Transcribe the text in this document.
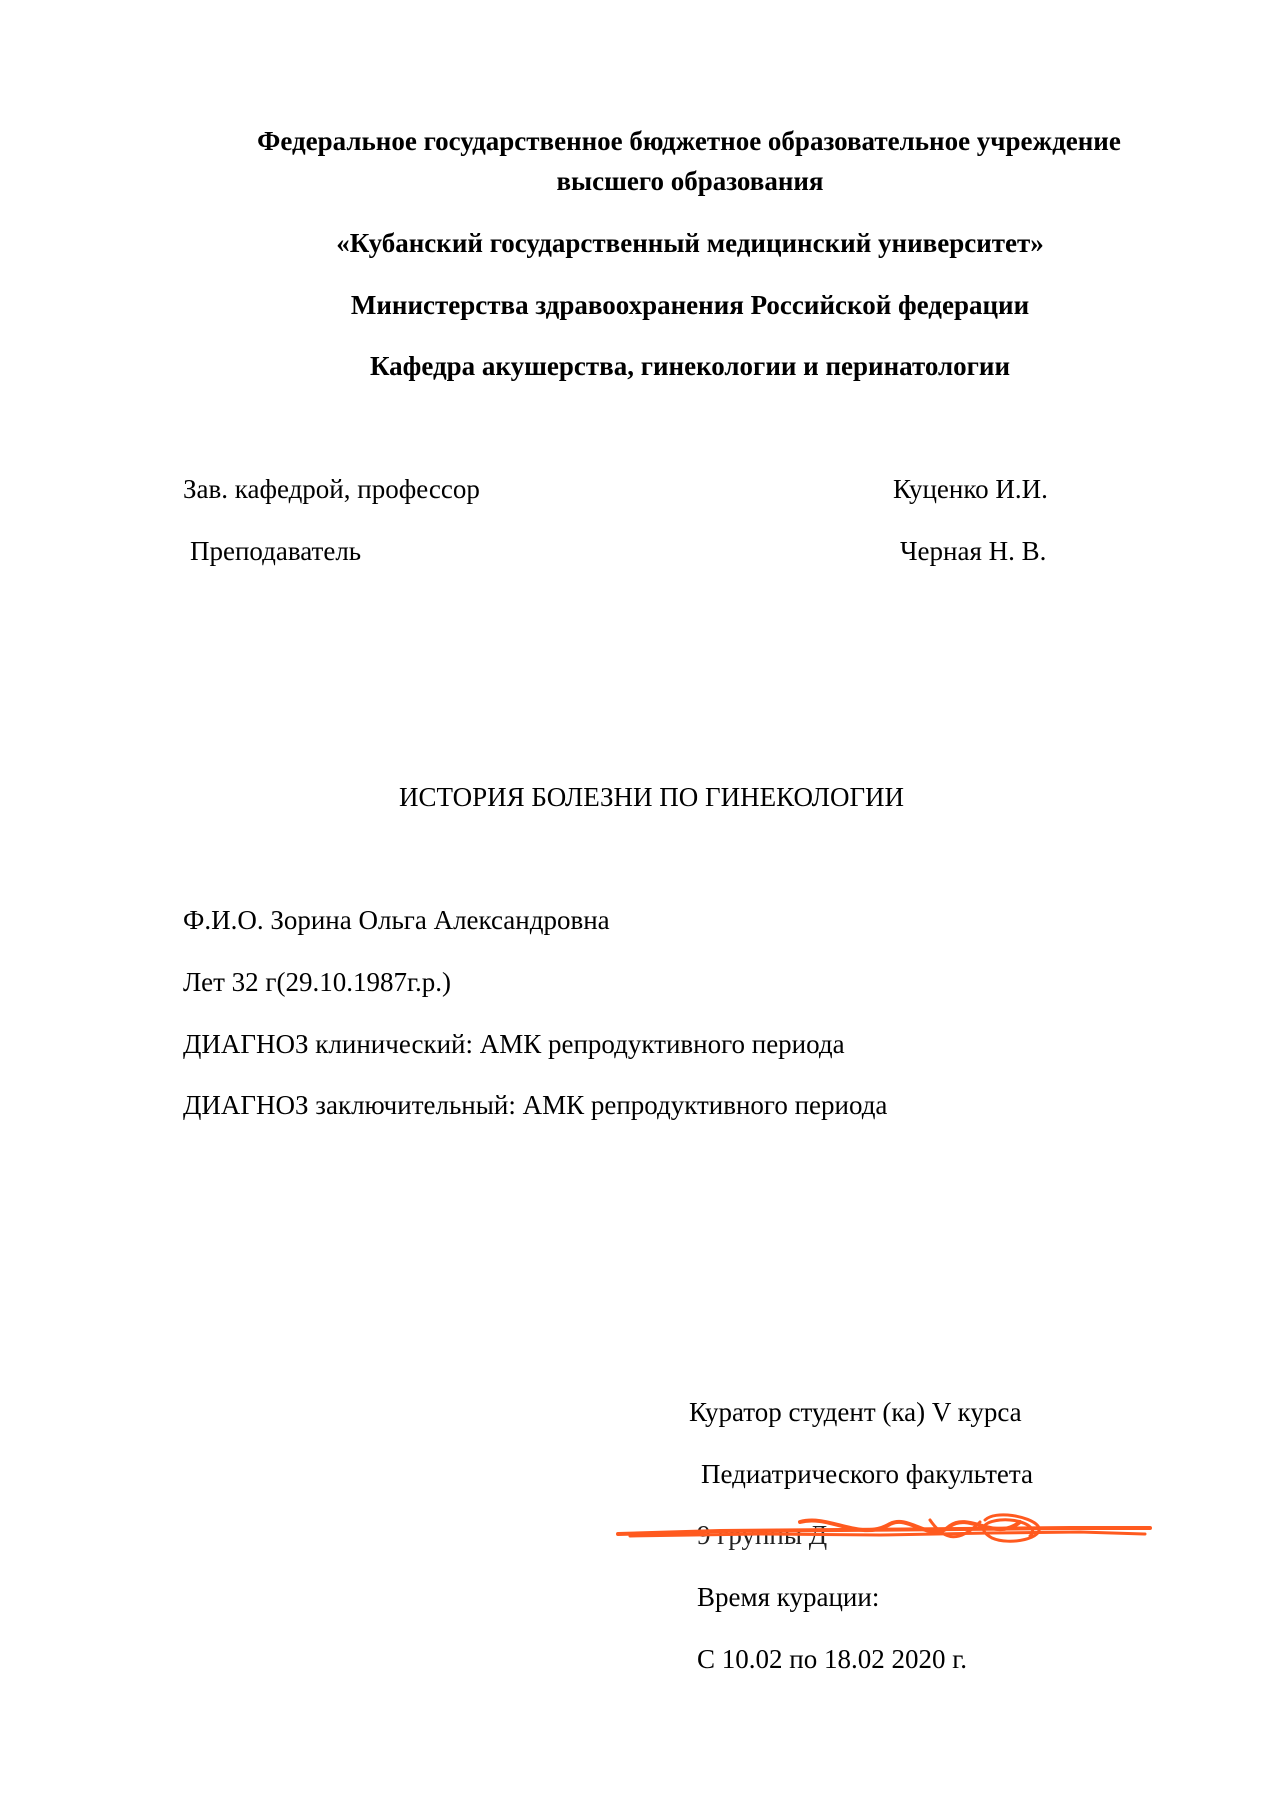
Федеральное государственное бюджетное образовательное учреждение
высшего образования
«Кубанский государственный медицинский университет»
Министерства здравоохранения Российской федерации
Кафедра акушерства, гинекологии и перинатологии
Зав. кафедрой, профессор	Куценко И.И.
Преподаватель	Черная Н. В.
ИСТОРИЯ БОЛЕЗНИ ПО ГИНЕКОЛОГИИ
Ф.И.О. Зорина Ольга Александровна
Лет 32 г(29.10.1987г.р.)
ДИАГНОЗ клинический: АМК репродуктивного периода
ДИАГНОЗ заключительный: АМК репродуктивного периода
Куратор студент (ка) V курса
Педиатрического факультета
9 группы Д
Время курации:
С 10.02 по 18.02 2020 г.
